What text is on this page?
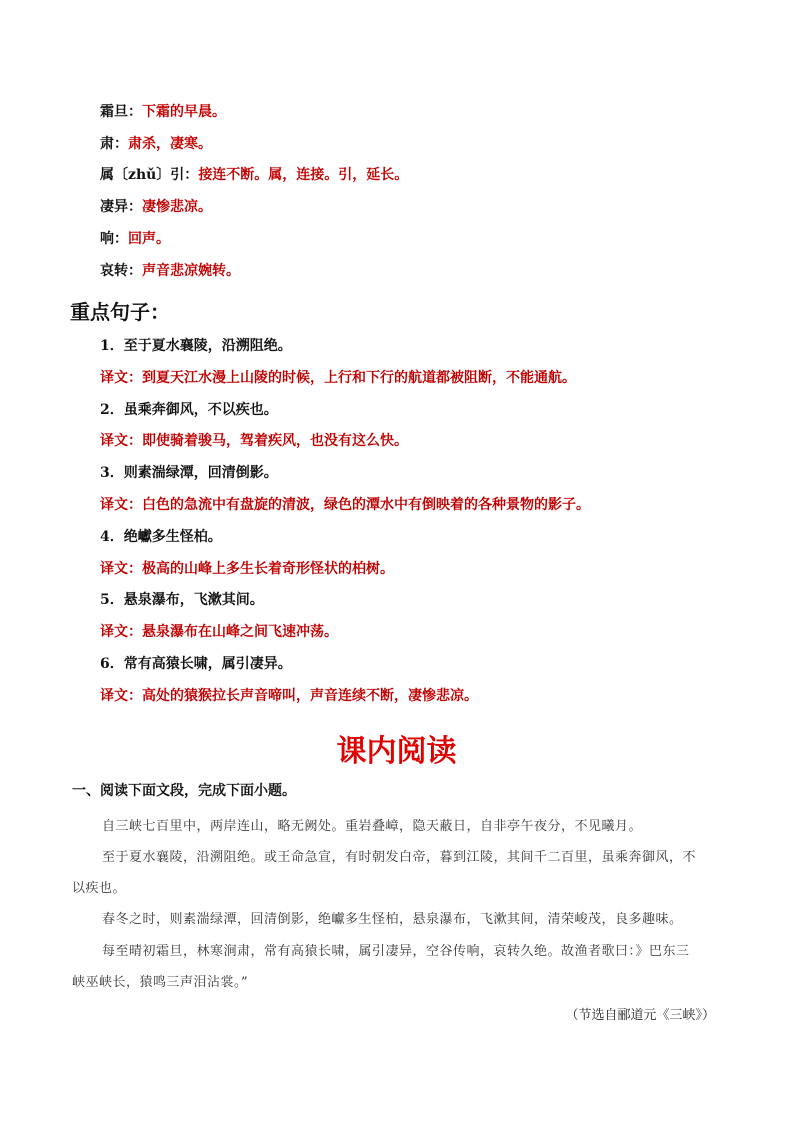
霜旦：下霜的早晨。
肃：肃杀，凄寒。
属〔zhǔ〕引：接连不断。属，连接。引，延长。
凄异：凄惨悲凉。
响：回声。
哀转：声音悲凉婉转。
重点句子：
1．至于夏水襄陵，沿溯阻绝。
译文：到夏天江水漫上山陵的时候，上行和下行的航道都被阻断，不能通航。
2．虽乘奔御风，不以疾也。
译文：即使骑着骏马，驾着疾风，也没有这么快。
3．则素湍绿潭，回清倒影。
译文：白色的急流中有盘旋的清波，绿色的潭水中有倒映着的各种景物的影子。
4．绝巘多生怪柏。
译文：极高的山峰上多生长着奇形怪状的柏树。
5．悬泉瀑布，飞漱其间。
译文：悬泉瀑布在山峰之间飞速冲荡。
6．常有高猿长啸，属引凄异。
译文：高处的猿猴拉长声音啼叫，声音连续不断，凄惨悲凉。
课内阅读
一、阅读下面文段，完成下面小题。
自三峡七百里中，两岸连山，略无阙处。重岩叠嶂，隐天蔽日，自非亭午夜分，不见曦月。
至于夏水襄陵，沿溯阻绝。或王命急宣，有时朝发白帝，暮到江陵，其间千二百里，虽乘奔御风，不
以疾也。
春冬之时，则素湍绿潭，回清倒影，绝巘多生怪柏，悬泉瀑布，飞漱其间，清荣峻茂，良多趣味。
每至晴初霜旦，林寒涧肃，常有高猿长啸，属引凄异，空谷传响，哀转久绝。故渔者歌曰：》巴东三
峡巫峡长，猿鸣三声泪沾裳。”
（节选自郦道元《三峡》）
